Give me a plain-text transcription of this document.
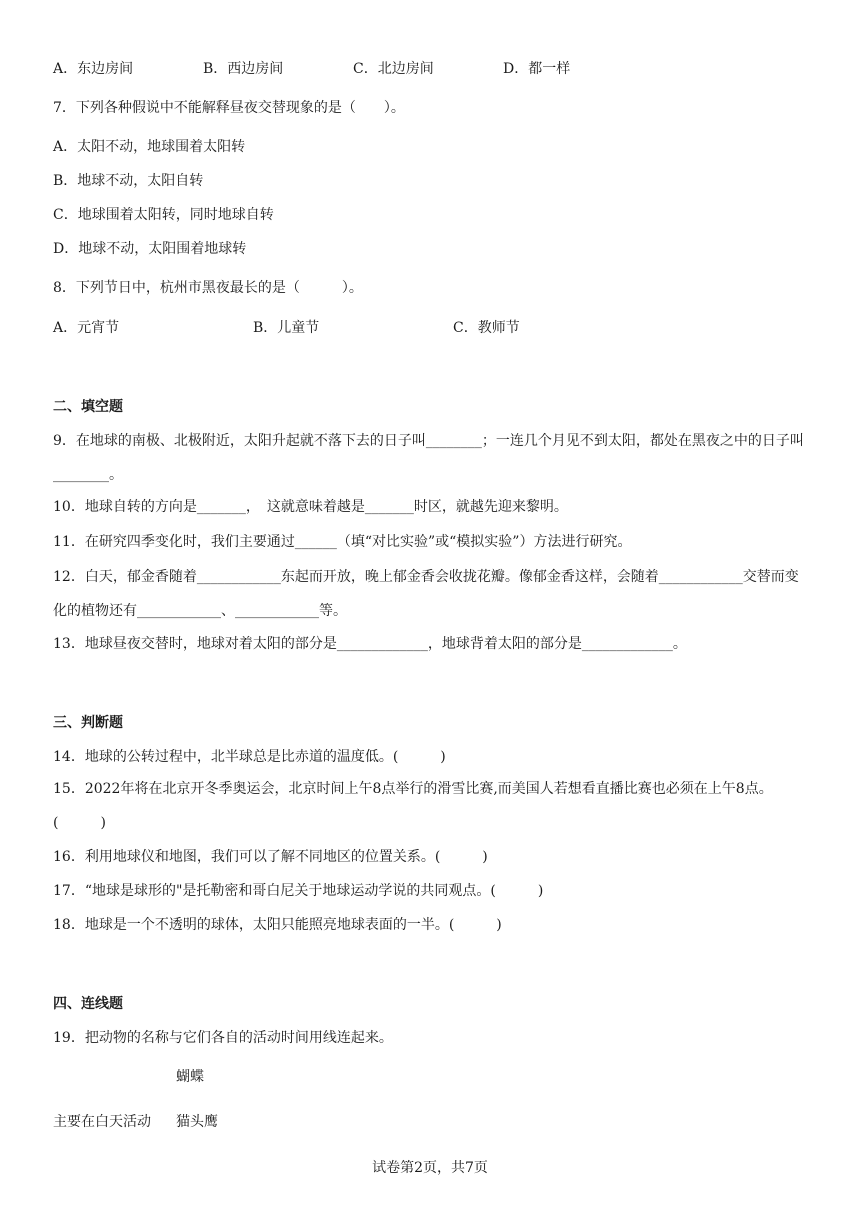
A．东边房间	B．西边房间	C．北边房间	D．都一样
7．下列各种假说中不能解释昼夜交替现象的是（　　）。
A．太阳不动，地球围着太阳转
B．地球不动，太阳自转
C．地球围着太阳转，同时地球自转
D．地球不动，太阳围着地球转
8．下列节日中，杭州市黑夜最长的是（　　　）。
A．元宵节	B．儿童节	C．教师节
二、填空题
9．在地球的南极、北极附近，太阳升起就不落下去的日子叫________；一连几个月见不到太阳，都处在黑夜之中的日子叫________。
10．地球自转的方向是_______，　这就意味着越是_______时区，就越先迎来黎明。
11．在研究四季变化时，我们主要通过______（填“对比实验”或“模拟实验”）方法进行研究。
12．白天，郁金香随着____________东起而开放，晚上郁金香会收拢花瓣。像郁金香这样，会随着____________交替而变化的植物还有____________、____________等。
13．地球昼夜交替时，地球对着太阳的部分是_____________，地球背着太阳的部分是_____________。
三、判断题
14．地球的公转过程中，北半球总是比赤道的温度低。(　　　)
15．2022年将在北京开冬季奥运会，北京时间上午8点举行的滑雪比赛,而美国人若想看直播比赛也必须在上午8点。(　　　)
16．利用地球仪和地图，我们可以了解不同地区的位置关系。(　　　)
17．“地球是球形的"是托勒密和哥白尼关于地球运动学说的共同观点。(　　　)
18．地球是一个不透明的球体，太阳只能照亮地球表面的一半。(　　　)
四、连线题
19．把动物的名称与它们各自的活动时间用线连起来。
蝴蝶
主要在白天活动 猫头鹰
试卷第2页，共7页
